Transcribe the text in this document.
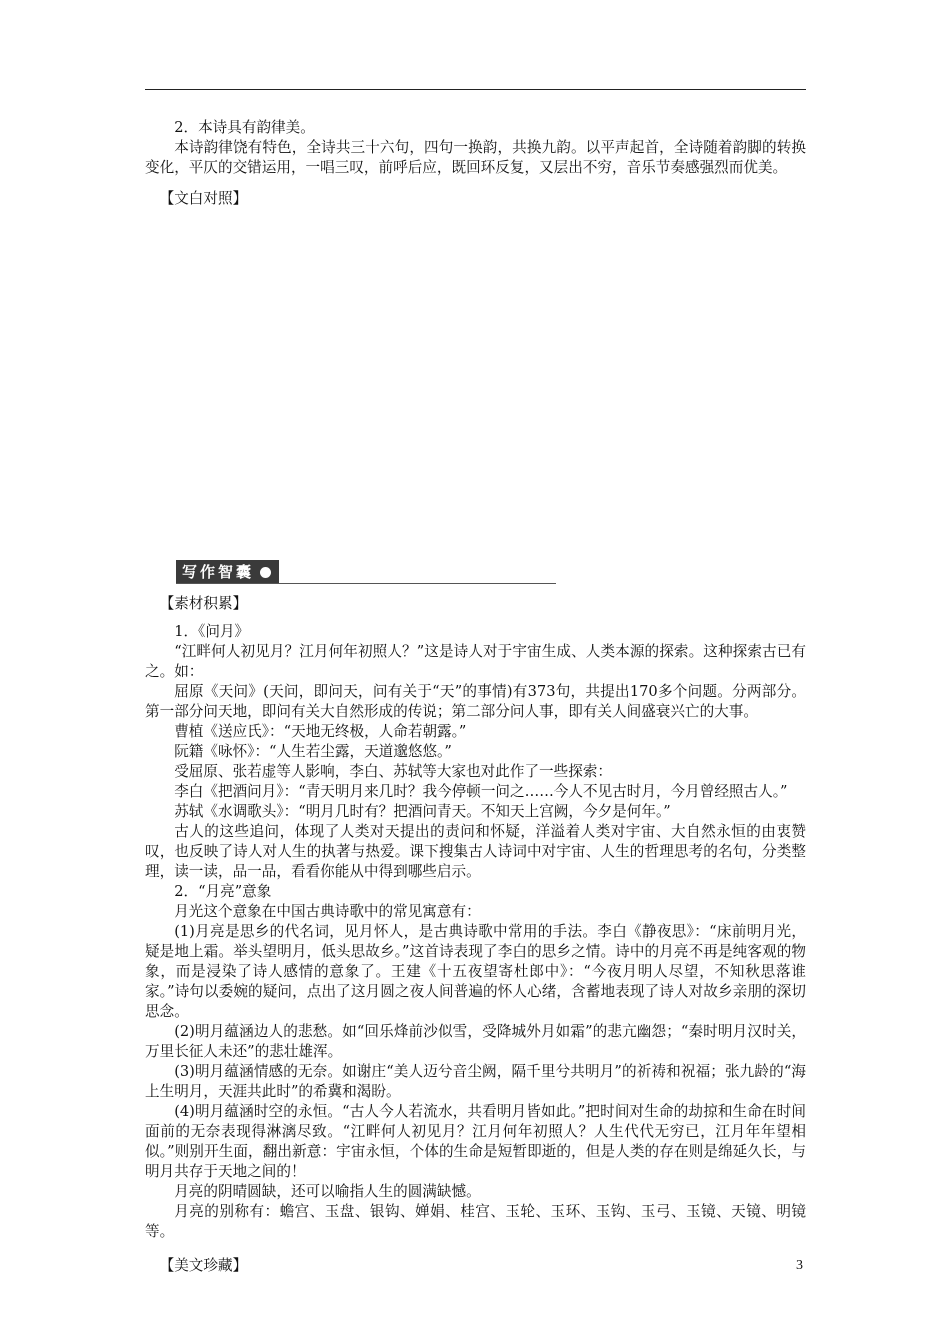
2．本诗具有韵律美。

本诗韵律饶有特色，全诗共三十六句，四句一换韵，共换九韵。以平声起首，全诗随着韵脚的转换变化，平仄的交错运用，一唱三叹，前呼后应，既回环反复，又层出不穷，音乐节奏感强烈而优美。

【文白对照】
写作智囊
【素材积累】

1．《问月》

“江畔何人初见月？江月何年初照人？”这是诗人对于宇宙生成、人类本源的探索。这种探索古已有之。如：

屈原《天问》(天问，即问天，问有关于“天”的事情)有373句，共提出170多个问题。分两部分。第一部分问天地，即问有关大自然形成的传说；第二部分问人事，即有关人间盛衰兴亡的大事。

曹植《送应氏》：“天地无终极，人命若朝露。”

阮籍《咏怀》：“人生若尘露，天道邈悠悠。”

受屈原、张若虚等人影响，李白、苏轼等大家也对此作了一些探索：

李白《把酒问月》：“青天明月来几时？我今停顿一问之……今人不见古时月，今月曾经照古人。”

苏轼《水调歌头》：“明月几时有？把酒问青天。不知天上宫阙，今夕是何年。”

古人的这些追问，体现了人类对天提出的责问和怀疑，洋溢着人类对宇宙、大自然永恒的由衷赞叹，也反映了诗人对人生的执著与热爱。课下搜集古人诗词中对宇宙、人生的哲理思考的名句，分类整理，读一读，品一品，看看你能从中得到哪些启示。

2．“月亮”意象

月光这个意象在中国古典诗歌中的常见寓意有：

(1)月亮是思乡的代名词，见月怀人，是古典诗歌中常用的手法。李白《静夜思》：“床前明月光，疑是地上霜。举头望明月，低头思故乡。”这首诗表现了李白的思乡之情。诗中的月亮不再是纯客观的物象，而是浸染了诗人感情的意象了。王建《十五夜望寄杜郎中》：“今夜月明人尽望，不知秋思落谁家。”诗句以委婉的疑问，点出了这月圆之夜人间普遍的怀人心绪，含蓄地表现了诗人对故乡亲朋的深切思念。

(2)明月蕴涵边人的悲愁。如“回乐烽前沙似雪，受降城外月如霜”的悲亢幽怨；“秦时明月汉时关，万里长征人未还”的悲壮雄浑。

(3)明月蕴涵情感的无奈。如谢庄“美人迈兮音尘阙，隔千里兮共明月”的祈祷和祝福；张九龄的“海上生明月，天涯共此时”的希冀和渴盼。

(4)明月蕴涵时空的永恒。“古人今人若流水，共看明月皆如此。”把时间对生命的劫掠和生命在时间面前的无奈表现得淋漓尽致。“江畔何人初见月？江月何年初照人？人生代代无穷已，江月年年望相似。”则别开生面，翻出新意：宇宙永恒，个体的生命是短暂即逝的，但是人类的存在则是绵延久长，与明月共存于天地之间的！

月亮的阴晴圆缺，还可以喻指人生的圆满缺憾。

月亮的别称有：蟾宫、玉盘、银钩、婵娟、桂宫、玉轮、玉环、玉钩、玉弓、玉镜、天镜、明镜等。

【美文珍藏】	3
